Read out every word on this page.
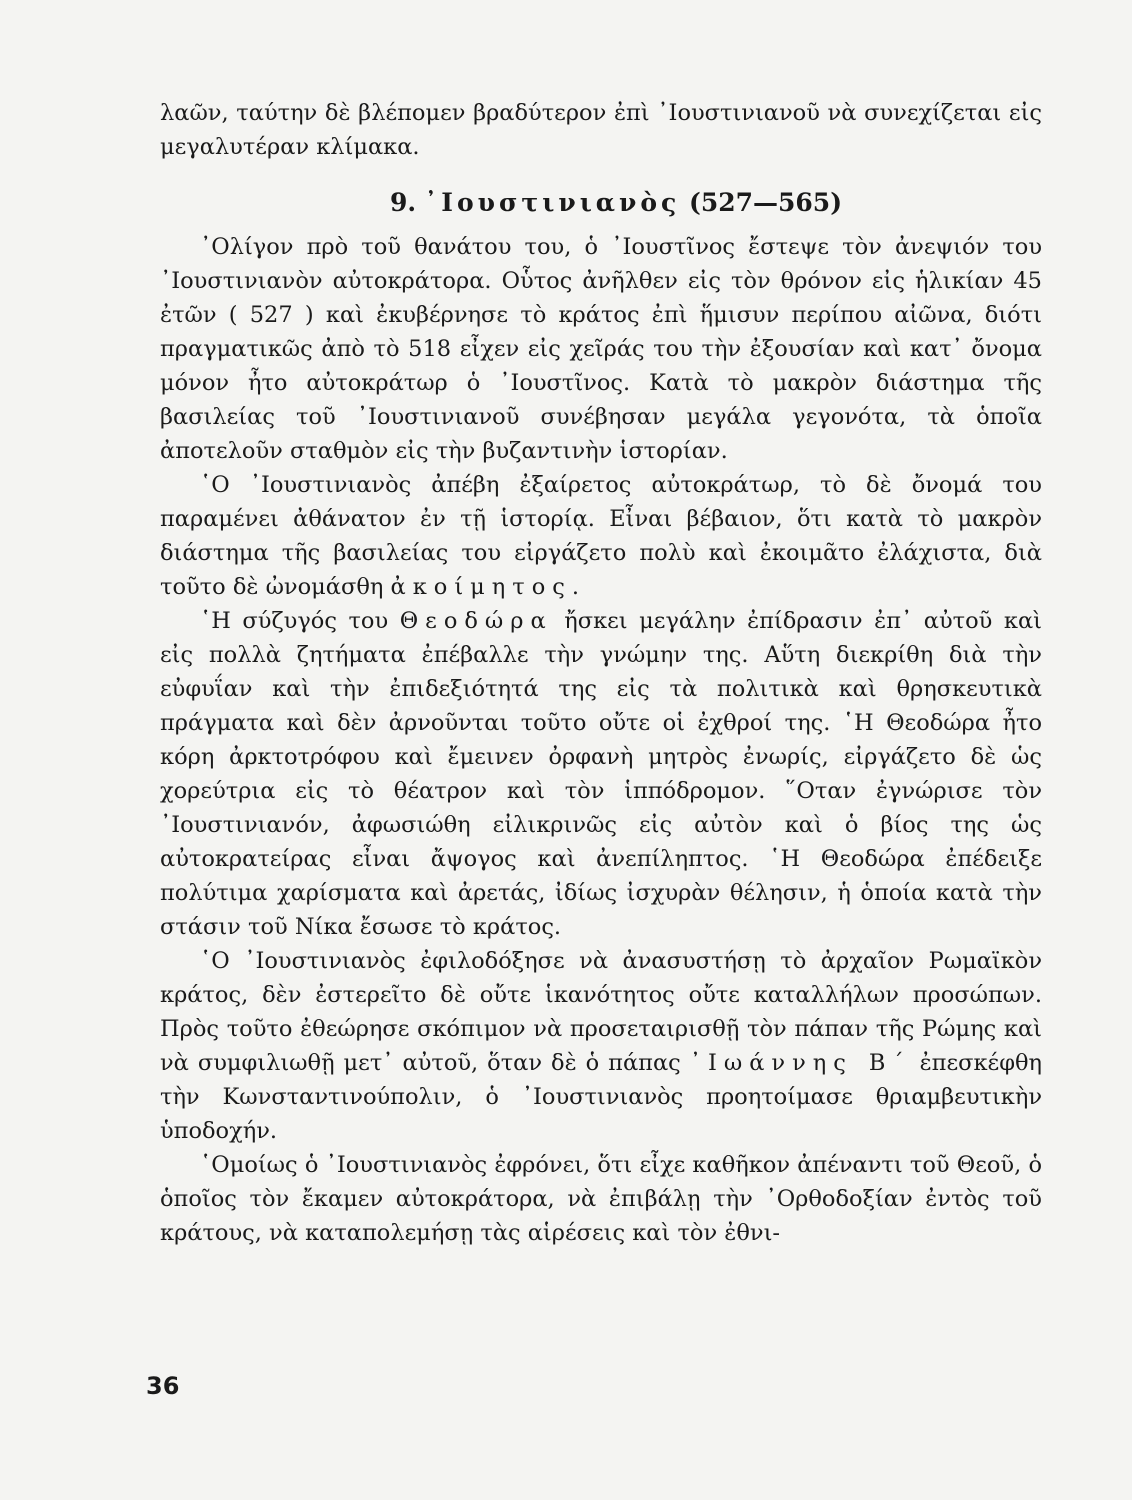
λαῶν, ταύτην δὲ βλέπομεν βραδύτερον ἐπὶ ᾽Ιουστινιανοῦ νὰ συνεχίζεται εἰς μεγαλυτέραν κλίμακα.

9. ᾽Ιουστινιανὸς (527—565)

᾽Ολίγον πρὸ τοῦ θανάτου του, ὁ ᾽Ιουστῖνος ἔστεψε τὸν ἀνεψιόν του ᾽Ιουστινιανὸν αὐτοκράτορα. Οὗτος ἀνῆλθεν εἰς τὸν θρόνον εἰς ἡλικίαν 45 ἐτῶν ( 527 ) καὶ ἐκυβέρνησε τὸ κράτος ἐπὶ ἥμισυν περίπου αἰῶνα, διότι πραγματικῶς ἀπὸ τὸ 518 εἶχεν εἰς χεῖράς του τὴν ἐξουσίαν καὶ κατ᾽ ὄνομα μόνον ἦτο αὐτοκράτωρ ὁ ᾽Ιουστῖνος. Κατὰ τὸ μακρὸν διάστημα τῆς βασιλείας τοῦ ᾽Ιουστινιανοῦ συνέβησαν μεγάλα γεγονότα, τὰ ὁποῖα ἀποτελοῦν σταθμὸν εἰς τὴν βυζαντινὴν ἱστορίαν.

῾Ο ᾽Ιουστινιανὸς ἀπέβη ἐξαίρετος αὐτοκράτωρ, τὸ δὲ ὄνομά του παραμένει ἀθάνατον ἐν τῇ ἱστορίᾳ. Εἶναι βέβαιον, ὅτι κατὰ τὸ μακρὸν διάστημα τῆς βασιλείας του εἰργάζετο πολὺ καὶ ἐκοιμᾶτο ἐλάχιστα, διὰ τοῦτο δὲ ὠνομάσθη ἀκοίμητος.

῾Η σύζυγός του Θεοδώρα ἤσκει μεγάλην ἐπίδρασιν ἐπ᾽ αὐτοῦ καὶ εἰς πολλὰ ζητήματα ἐπέβαλλε τὴν γνώμην της. Αὕτη διεκρίθη διὰ τὴν εὐφυΐαν καὶ τὴν ἐπιδεξιότητά της εἰς τὰ πολιτικὰ καὶ θρησκευτικὰ πράγματα καὶ δὲν ἀρνοῦνται τοῦτο οὔτε οἱ ἐχθροί της. ῾Η Θεοδώρα ἦτο κόρη ἀρκτοτρόφου καὶ ἔμεινεν ὀρφανὴ μητρὸς ἐνωρίς, εἰργάζετο δὲ ὡς χορεύτρια εἰς τὸ θέατρον καὶ τὸν ἱππόδρομον. ῞Οταν ἐγνώρισε τὸν ᾽Ιουστινιανόν, ἀφωσιώθη εἰλικρινῶς εἰς αὐτὸν καὶ ὁ βίος της ὡς αὐτοκρατείρας εἶναι ἄψογος καὶ ἀνεπίληπτος. ῾Η Θεοδώρα ἐπέδειξε πολύτιμα χαρίσματα καὶ ἀρετάς, ἰδίως ἰσχυρὰν θέλησιν, ἡ ὁποία κατὰ τὴν στάσιν τοῦ Νίκα ἔσωσε τὸ κράτος.

῾Ο ᾽Ιουστινιανὸς ἐφιλοδόξησε νὰ ἀνασυστήσῃ τὸ ἀρχαῖον Ρωμαϊκὸν κράτος, δὲν ἐστερεῖτο δὲ οὔτε ἱκανότητος οὔτε καταλλήλων προσώπων. Πρὸς τοῦτο ἐθεώρησε σκόπιμον νὰ προσεταιρισθῇ τὸν πάπαν τῆς Ρώμης καὶ νὰ συμφιλιωθῇ μετ᾽ αὐτοῦ, ὅταν δὲ ὁ πάπας ᾽Ιωάννης Β΄ ἐπεσκέφθη τὴν Κωνσταντινούπολιν, ὁ ᾽Ιουστινιανὸς προητοίμασε θριαμβευτικὴν ὑποδοχήν.

῾Ομοίως ὁ ᾽Ιουστινιανὸς ἐφρόνει, ὅτι εἶχε καθῆκον ἀπέναντι τοῦ Θεοῦ, ὁ ὁποῖος τὸν ἔκαμεν αὐτοκράτορα, νὰ ἐπιβάλῃ τὴν ᾽Ορθοδοξίαν ἐντὸς τοῦ κράτους, νὰ καταπολεμήσῃ τὰς αἱρέσεις καὶ τὸν ἐθνι-

36
